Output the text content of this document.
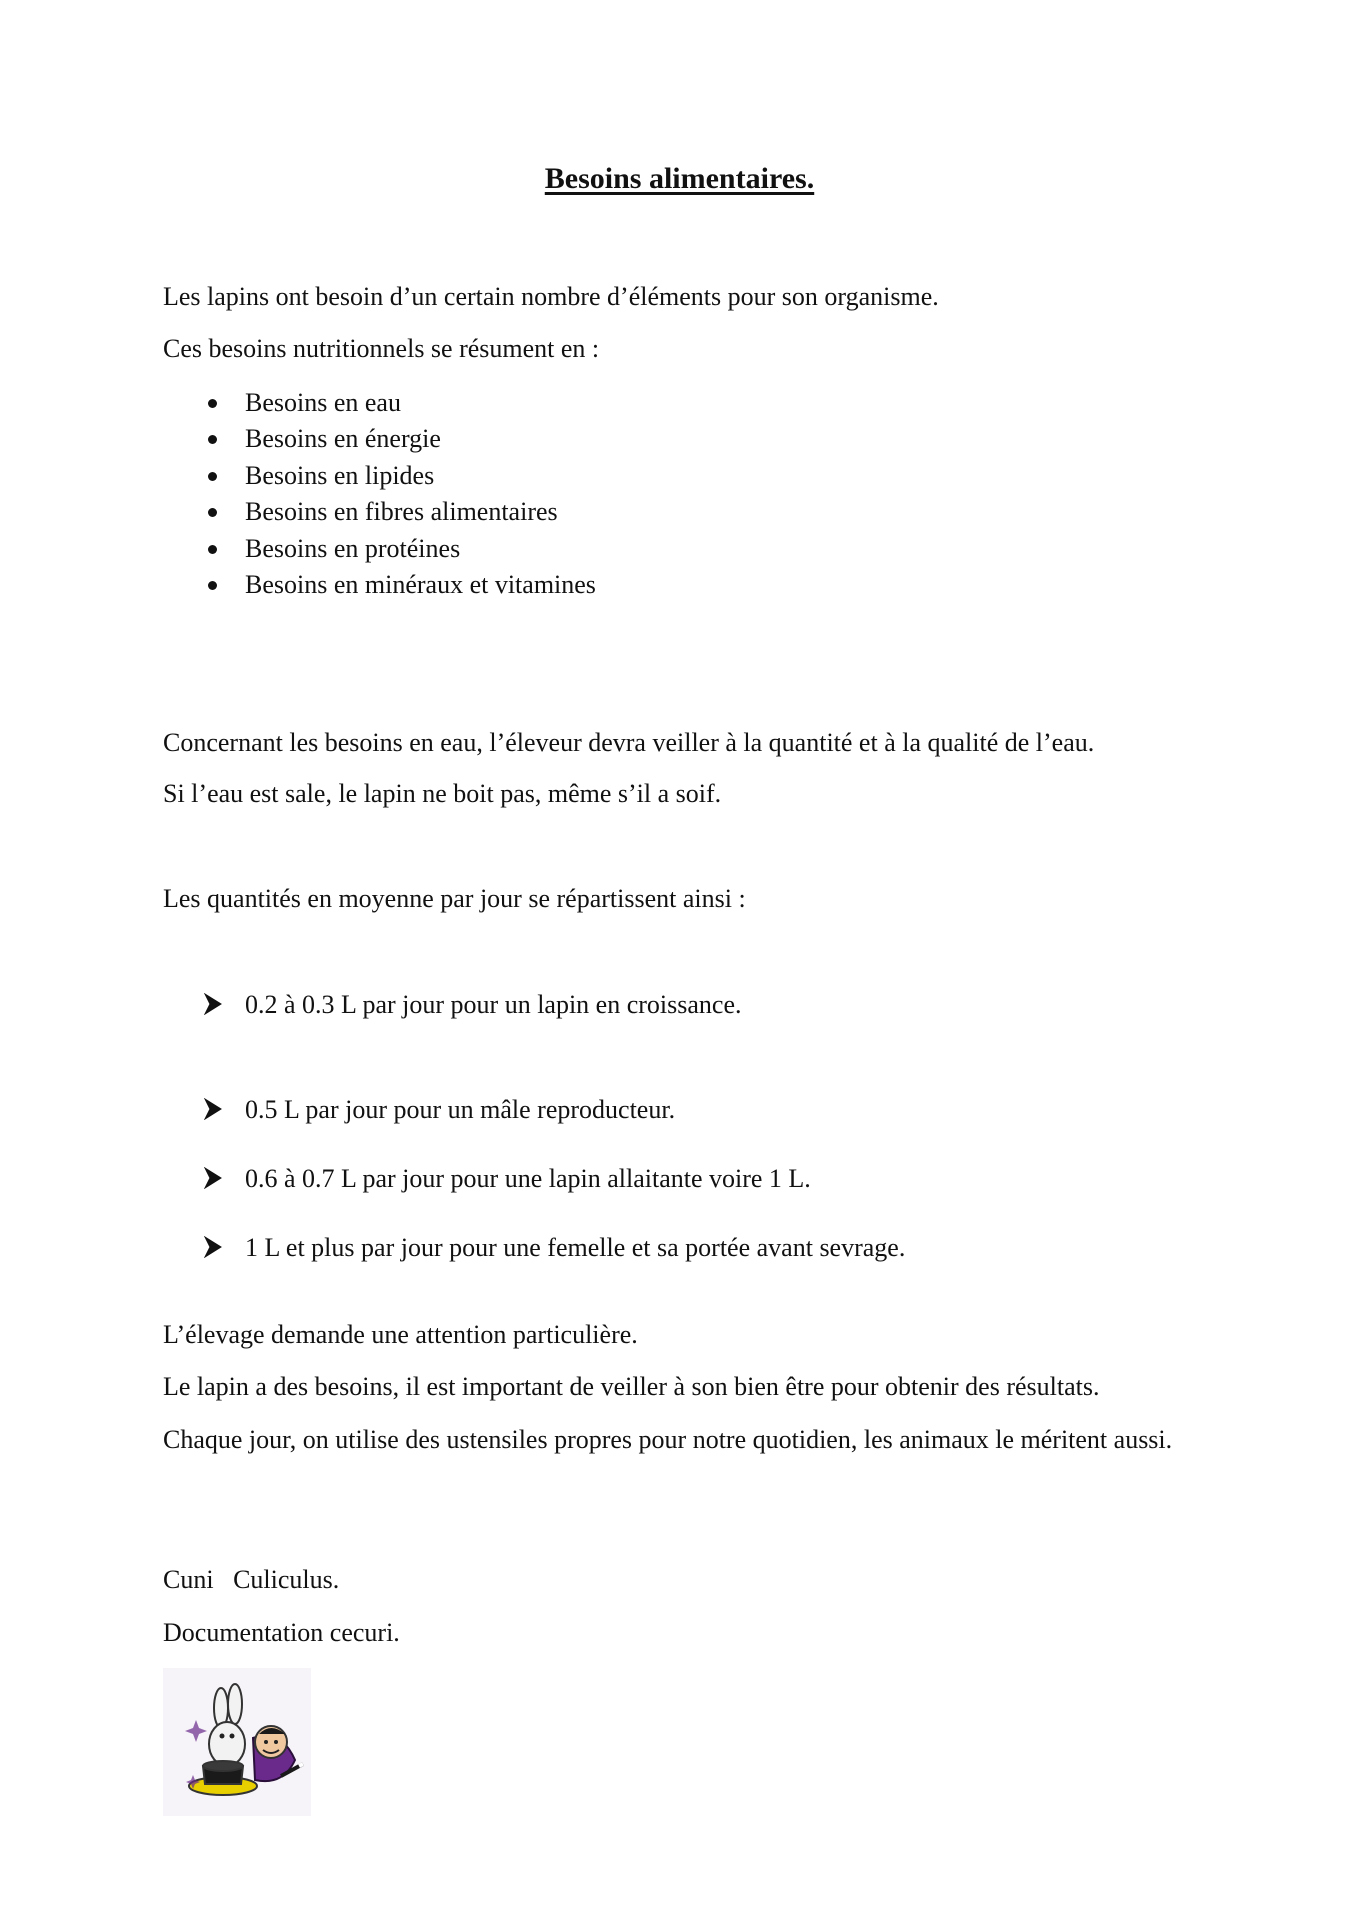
Besoins alimentaires.

Les lapins ont besoin d’un certain nombre d’éléments pour son organisme.

Ces besoins nutritionnels se résument en :

Besoins en eau
Besoins en énergie
Besoins en lipides
Besoins en fibres alimentaires
Besoins en protéines
Besoins en minéraux et vitamines

Concernant les besoins en eau, l’éleveur devra veiller à la quantité et à la qualité de l’eau.

Si l’eau est sale, le lapin ne boit pas, même s’il a soif.

Les quantités en moyenne par jour se répartissent ainsi :

0.2 à 0.3 L par jour pour un lapin en croissance.
0.5 L par jour pour un mâle reproducteur.
0.6 à 0.7 L par jour pour une lapin allaitante voire 1 L.
1 L et plus par jour pour une femelle et sa portée avant sevrage.

L’élevage demande une attention particulière.

Le lapin a des besoins, il est important de veiller à son bien être pour obtenir des résultats.

Chaque jour, on utilise des ustensiles propres pour notre quotidien, les animaux le méritent aussi.

Cuni   Culiculus.

Documentation cecuri.
